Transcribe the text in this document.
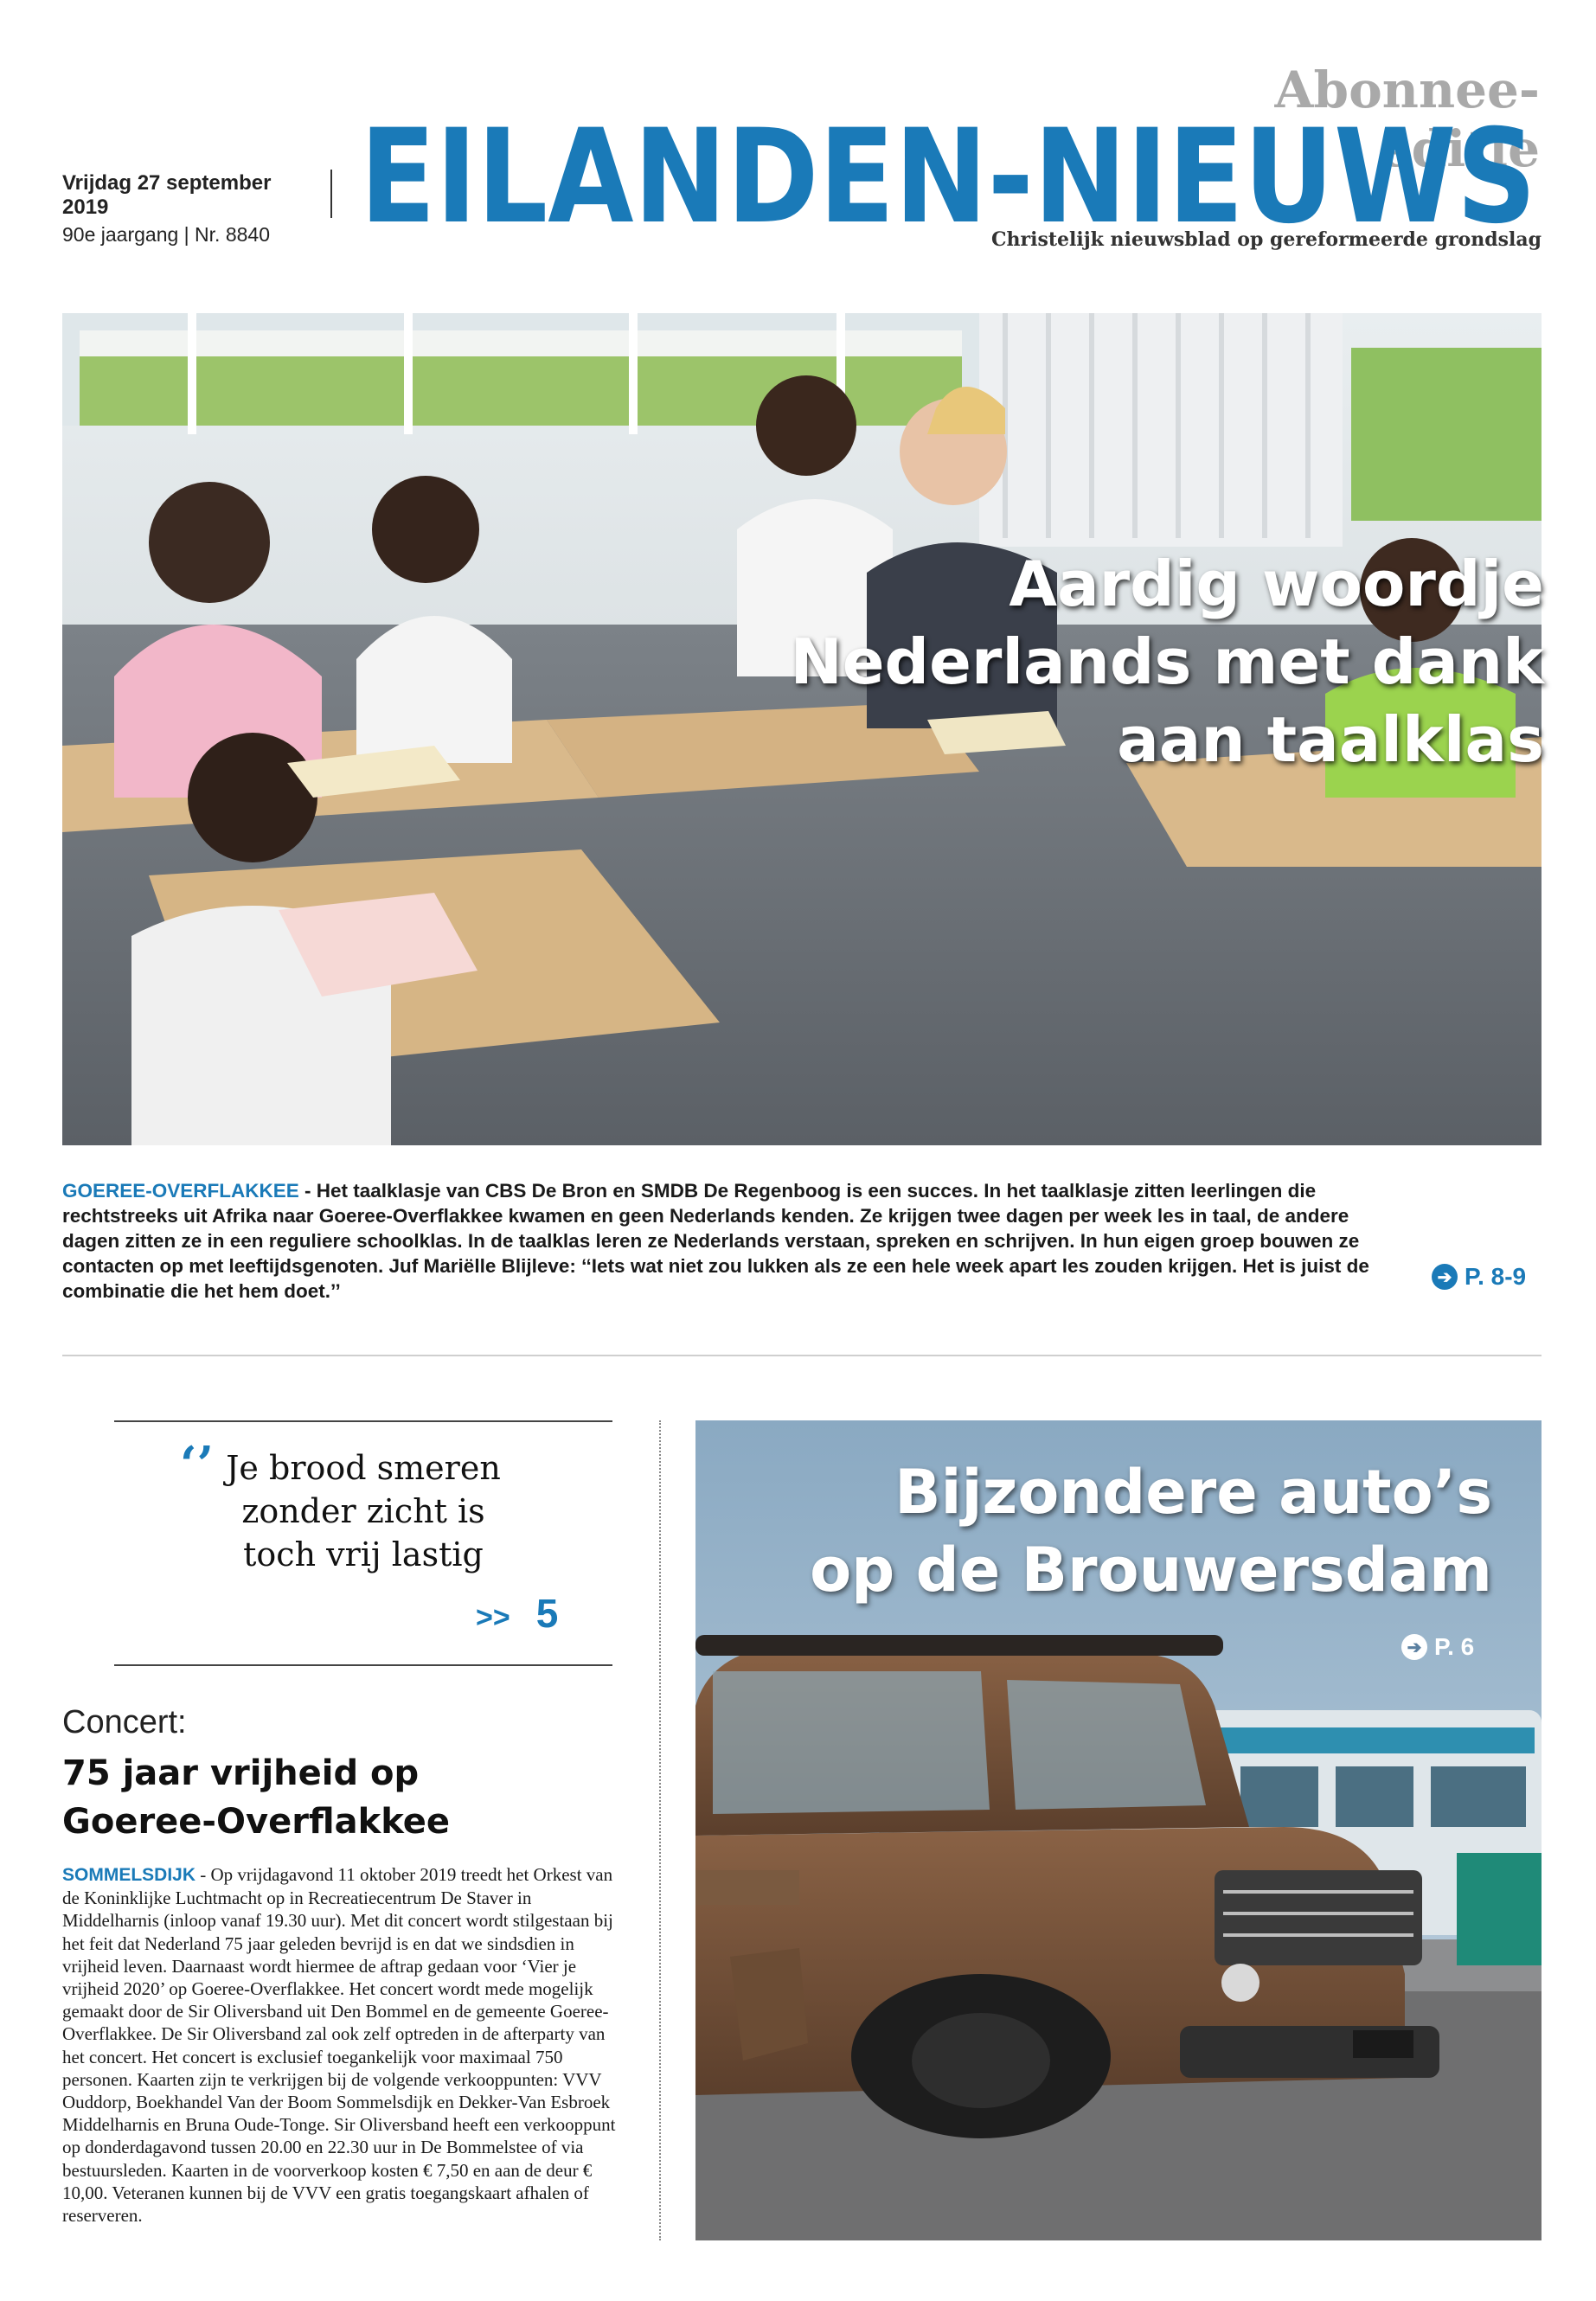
Abonnee-editie
Vrijdag 27 september 2019
90e jaargang | Nr. 8840 EILANDEN-NIEUWS
Christelijk nieuwsblad op gereformeerde grondslag
Aardig woordje
Nederlands met dank
aan taalklas
GOEREE-OVERFLAKKEE - Het taalklasje van CBS De Bron en SMDB De Regenboog is een succes. In het taalklasje zitten leerlingen die rechtstreeks uit Afrika naar Goeree-Overflakkee kwamen en geen Nederlands kenden. Ze krijgen twee dagen per week les in taal, de andere dagen zitten ze in een reguliere schoolklas. In de taalklas leren ze Nederlands verstaan, spreken en schrijven. In hun eigen groep bouwen ze contacten op met leeftijdsgenoten. Juf Mariëlle Blijleve: ‘‘Iets wat niet zou lukken als ze een hele week apart les zouden krijgen. Het is juist de combinatie die het hem doet.’’
➔ P. 8-9
‘’ Je brood smeren
zonder zicht is
toch vrij lastig
>> 5
Concert:
75 jaar vrijheid op
Goeree-Overflakkee
SOMMELSDIJK - Op vrijdagavond 11 oktober 2019 treedt het Orkest van de Koninklijke Luchtmacht op in Recreatiecentrum De Staver in Middelharnis (inloop vanaf 19.30 uur). Met dit concert wordt stilgestaan bij het feit dat Nederland 75 jaar geleden bevrijd is en dat we sindsdien in vrijheid leven. Daarnaast wordt hiermee de aftrap gedaan voor ‘Vier je vrijheid 2020’ op Goeree-Overflakkee. Het concert wordt mede mogelijk gemaakt door de Sir Oliversband uit Den Bommel en de gemeente Goeree-Overflakkee. De Sir Oliversband zal ook zelf optreden in de afterparty van het concert. Het concert is exclusief toegankelijk voor maximaal 750 personen. Kaarten zijn te verkrijgen bij de volgende verkooppunten: VVV Ouddorp, Boekhandel Van der Boom Sommelsdijk en Dekker-Van Esbroek Middelharnis en Bruna Oude-Tonge. Sir Oliversband heeft een verkooppunt op donderdagavond tussen 20.00 en 22.30 uur in De Bommelstee of via bestuursleden. Kaarten in de voorverkoop kosten € 7,50 en aan de deur € 10,00. Veteranen kunnen bij de VVV een gratis toegangskaart afhalen of reserveren.
Bijzondere auto’s
op de Brouwersdam
➔ P. 6
